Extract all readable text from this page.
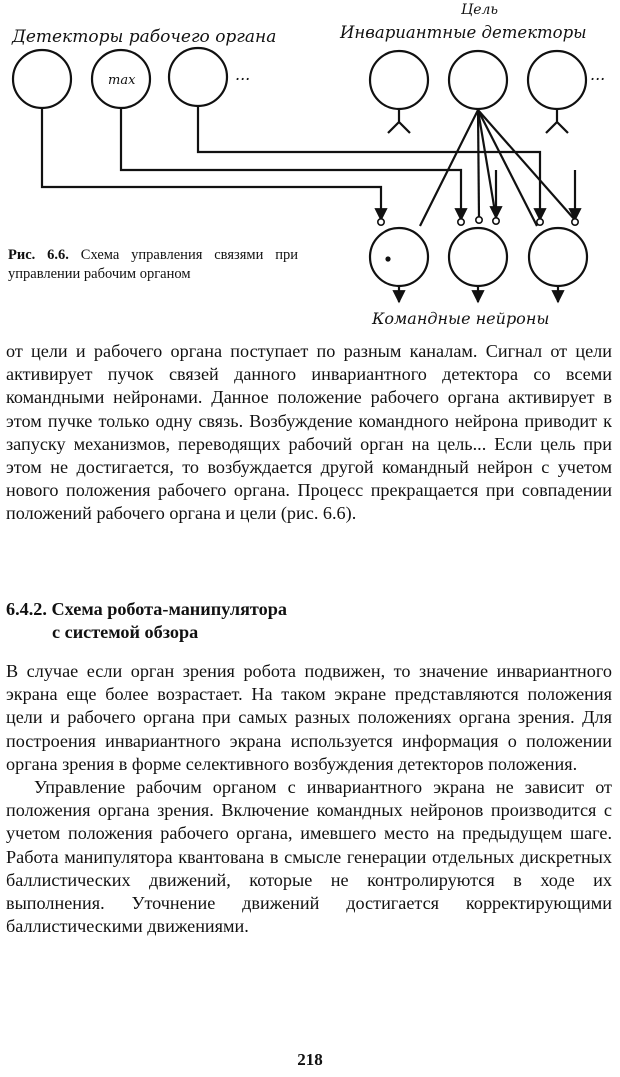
Детекторы рабочего органа
Цель
Инвариантные детекторы
max	...	...
Командные нейроны
Рис. 6.6. Схема управления связями при управлении рабочим органом

от цели и рабочего органа поступает по разным каналам. Сигнал от цели активирует пучок связей данного инвариантного детектора со всеми командными нейронами. Данное положение рабочего органа активирует в этом пучке только одну связь. Возбуждение командного нейрона приводит к запуску механизмов, переводящих рабочий орган на цель... Если цель при этом не достигается, то возбуждается другой командный нейрон с учетом нового положения рабочего органа. Процесс прекращается при совпадении положений рабочего органа и цели (рис. 6.6).

6.4.2. Схема робота-манипулятора
с системой обзора

В случае если орган зрения робота подвижен, то значение инвариантного экрана еще более возрастает. На таком экране представляются положения цели и рабочего органа при самых разных положениях органа зрения. Для построения инвариантного экрана используется информация о положении органа зрения в форме селективного возбуждения детекторов положения.

Управление рабочим органом с инвариантного экрана не зависит от положения органа зрения. Включение командных нейронов производится с учетом положения рабочего органа, имевшего место на предыдущем шаге. Работа манипулятора квантована в смысле генерации отдельных дискретных баллистических движений, которые не контролируются в ходе их выполнения. Уточнение движений достигается корректирующими баллистическими движениями.

218
